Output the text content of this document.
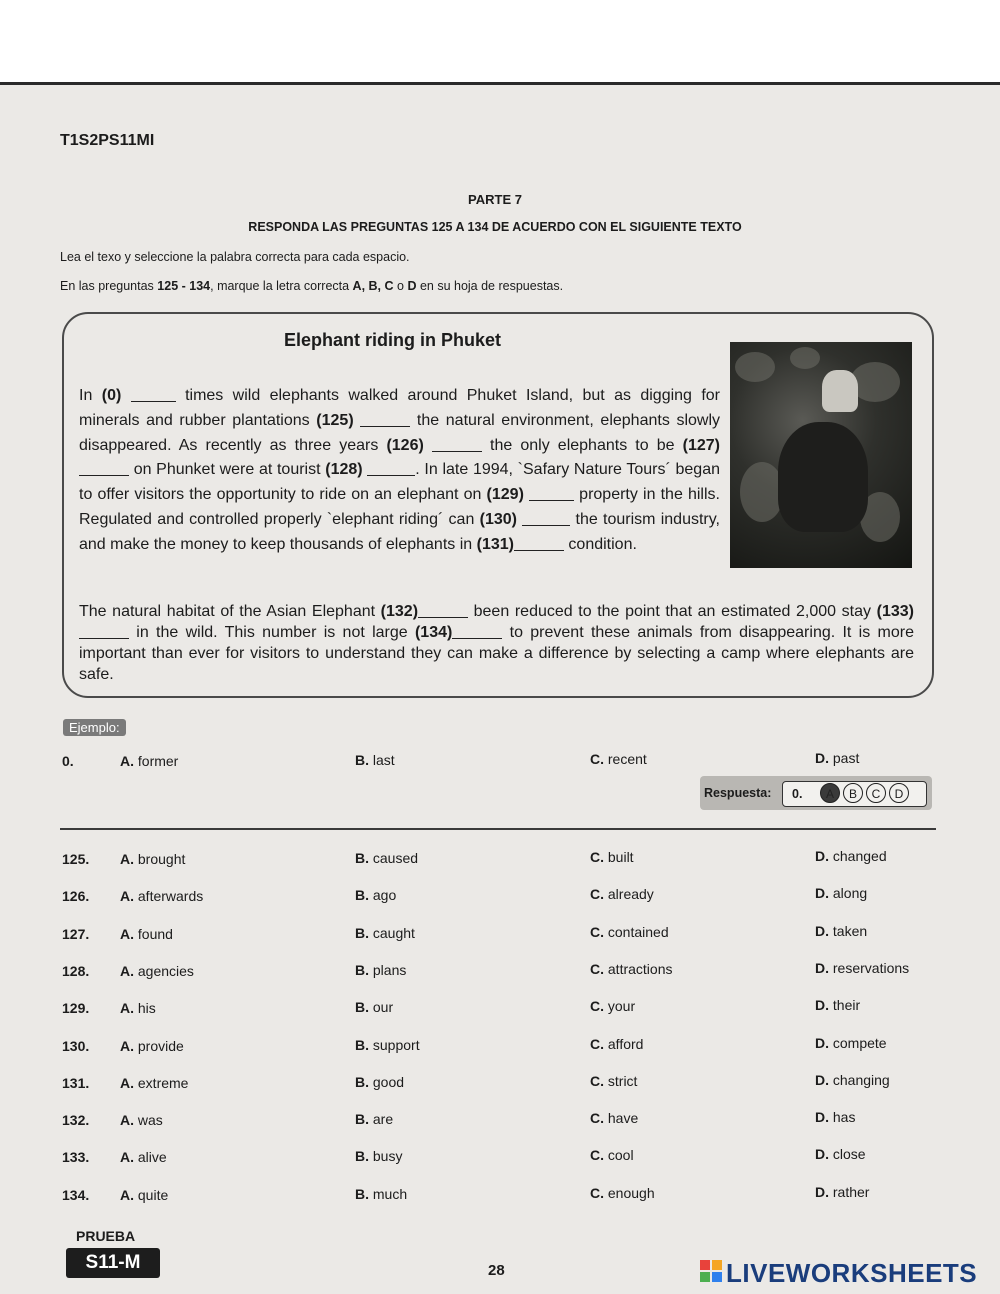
T1S2PS11MI
PARTE 7
RESPONDA LAS PREGUNTAS 125 A 134 DE ACUERDO CON EL SIGUIENTE TEXTO
Lea el texo y seleccione la palabra correcta para cada espacio.
En las preguntas 125 - 134, marque la letra correcta A, B, C o D en su hoja de respuestas.
Elephant riding in Phuket
In (0)	times wild elephants walked around Phuket Island, but as digging for minerals and rubber plantations (125)	the natural environment, elephants slowly disappeared. As recently as three years (126)	the only elephants to be (127)  on Phunket were at tourist (128)	. In late 1994, `Safary Nature Tours´ began to offer visitors the opportunity to ride on an elephant on (129)	property in the hills. Regulated and controlled properly `elephant riding´ can (130)	the tourism industry, and make the money to keep thousands of elephants in (131)	condition.
The natural habitat of the Asian Elephant (132)	been reduced to the point that an estimated 2,000 stay (133) in the wild. This number is not large (134)	to prevent these animals from disappearing. It is more important than ever for visitors to understand they can make a difference by selecting a camp where elephants are safe.
Ejemplo:
0.	A. former	B. last	C. recent	D. past
Respuesta: 0.	A	B	C	D
125. A. brought	B. caused	C. built	D. changed
126. A. afterwards	B. ago	C. already	D. along
127. A. found	B. caught	C. contained	D. taken
128. A. agencies	B. plans	C. attractions	D. reservations
129. A. his	B. our	C. your	D. their
130. A. provide	B. support	C. afford	D. compete
131. A. extreme	B. good	C. strict	D. changing
132. A. was	B. are	C. have	D. has
133. A. alive	B. busy	C. cool	D. close
134. A. quite	B. much	C. enough	D. rather
PRUEBA
S11-M	28	LIVEWORKSHEETS
